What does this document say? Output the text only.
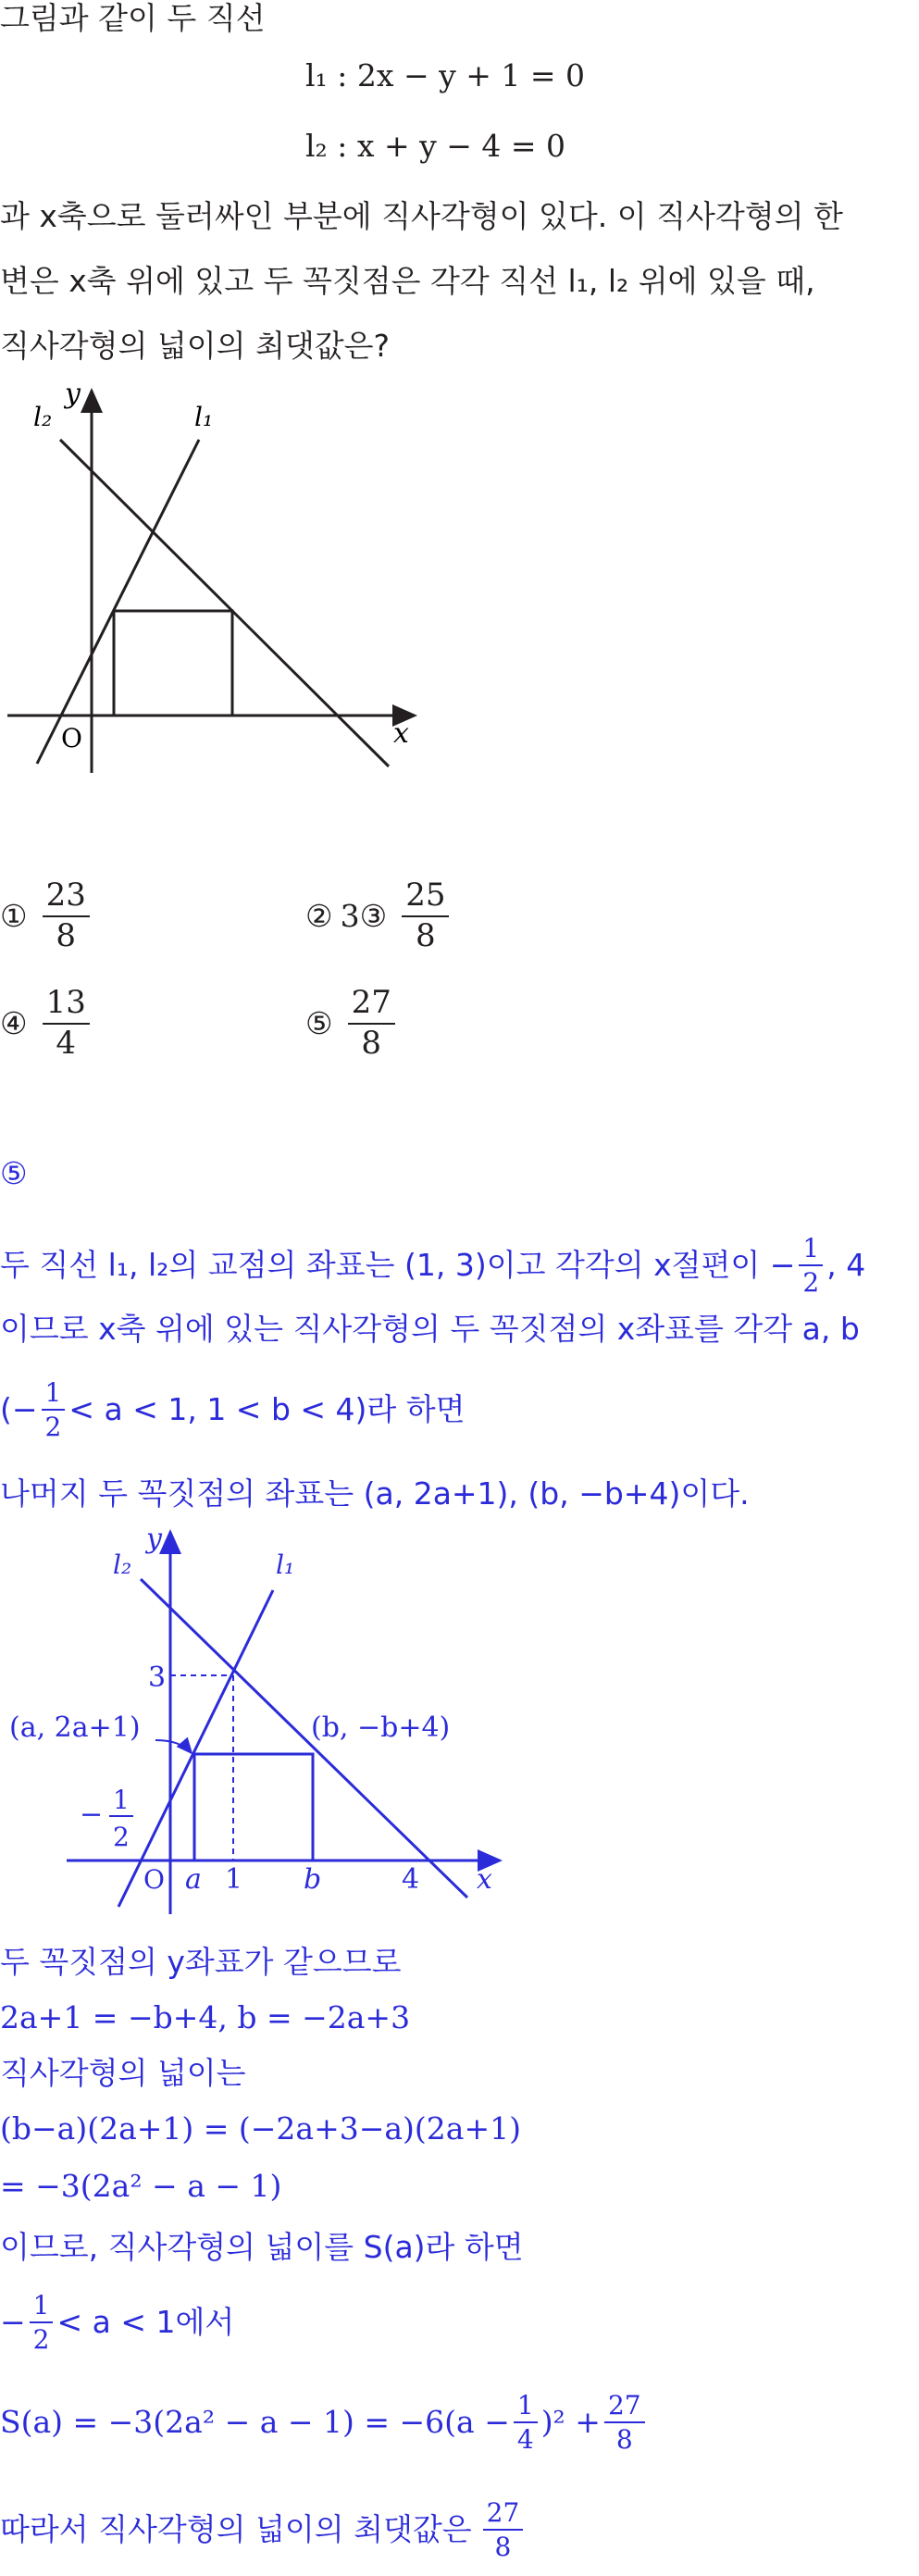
그림과 같이 두 직선
l₁ : 2x − y + 1 = 0
l₂ : x + y − 4 = 0
과 x축으로 둘러싸인 부분에 직사각형이 있다. 이 직사각형의 한
변은 x축 위에 있고 두 꼭짓점은 각각 직선 l₁, l₂ 위에 있을 때,
직사각형의 넓이의 최댓값은?
y
x
O
l₁
l₂
① $\frac{23}{8}$	② 3 ③ $\frac{25}{8}$
④ $\frac{13}{4}$	⑤ $\frac{27}{8}$
⑤
두 직선 l₁, l₂의 교점의 좌표는 (1, 3)이고 각각의 x절편이 − $\frac{1}{2}$ , 4
이므로 x축 위에 있는 직사각형의 두 꼭짓점의 x좌표를 각각 a, b
(− $\frac{1}{2} < a < 1$, 1 < b < 4)라 하면
나머지 두 꼭짓점의 좌표는 (a, 2a+1), (b, −b+4)이다.
y
x
O
l₁
l₂
3
(a, 2a+1)	(b, −b+4)
− 1
2
a 1 b	4
두 꼭짓점의 y좌표가 같으므로
2a+1 = −b+4, b = −2a+3
직사각형의 넓이는
(b−a)(2a+1) = (−2a+3−a)(2a+1)
= −3(2a² − a − 1)
이므로, 직사각형의 넓이를 S(a)라 하면
− $\frac{1}{2} < a < 1$에서
$S(a) = -3(2a^2 - a - 1) = -6(a - \frac{1}{4} )^2 + \frac{27}{8}$
따라서 직사각형의 넓이의 최댓값은 $\frac{27}{8}$
